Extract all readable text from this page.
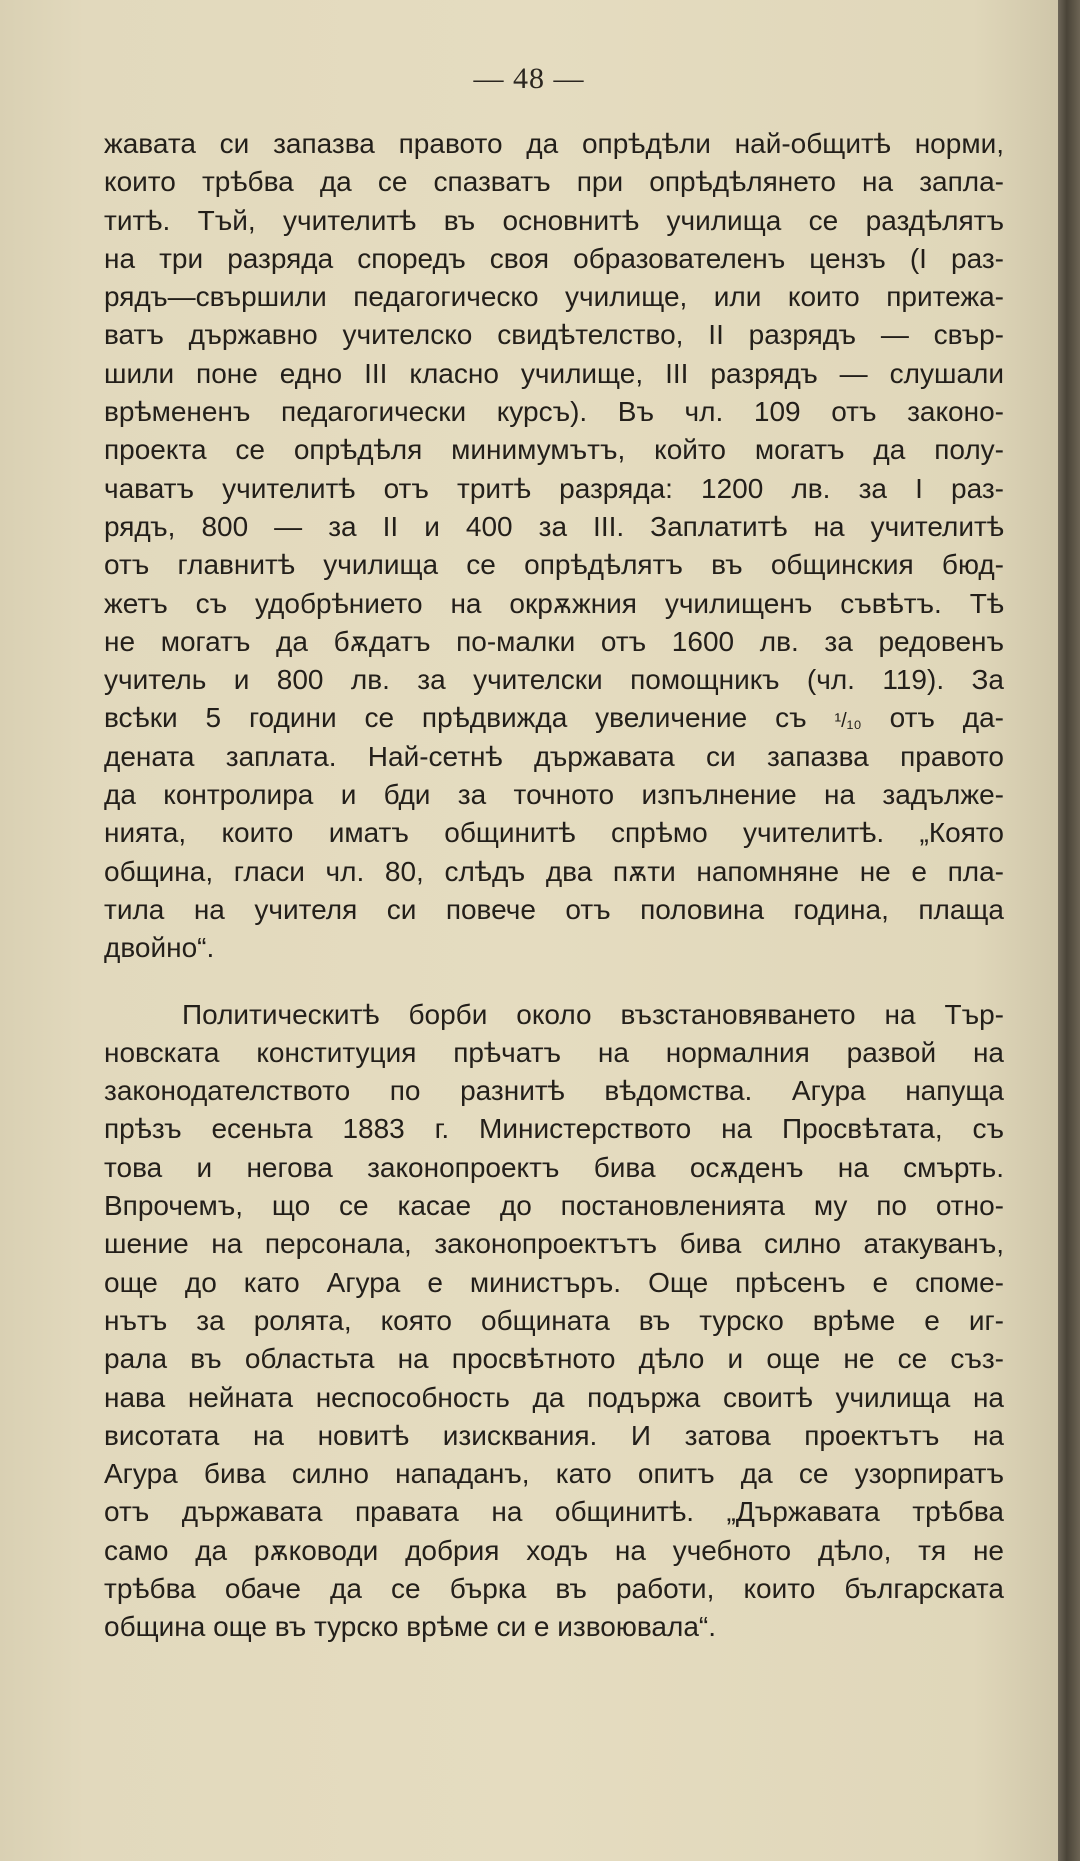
— 48 —
жавата си запазва правото да опрѣдѣли най-общитѣ норми,
които трѣбва да се спазватъ при опрѣдѣлянето на запла-
титѣ. Тъй, учителитѣ въ основнитѣ училища се раздѣлятъ
на три разряда споредъ своя образователенъ цензъ (I раз-
рядъ—свършили педагогическо училище, или които притежа-
ватъ държавно учителско свидѣтелство, II разрядъ — свър-
шили поне едно III класно училище, III разрядъ — слушали
врѣмененъ педагогически курсъ). Въ чл. 109 отъ законо-
проекта се опрѣдѣля минимумътъ, който могатъ да полу-
чаватъ учителитѣ отъ тритѣ разряда: 1200 лв. за I раз-
рядъ, 800 — за II и 400 за III. Заплатитѣ на учителитѣ
отъ главнитѣ училища се опрѣдѣлятъ въ общинския бюд-
жетъ съ удобрѣнието на окрѫжния училищенъ съвѣтъ. Тѣ
не могатъ да бѫдатъ по-малки отъ 1600 лв. за редовенъ
учитель и 800 лв. за учителски помощникъ (чл. 119). За
всѣки 5 години се прѣдвижда увеличение съ ¹/₁₀ отъ да-
дената заплата. Най-сетнѣ държавата си запазва правото
да контролира и бди за точното изпълнение на задълже-
нията, които иматъ общинитѣ спрѣмо учителитѣ. „Която
община, гласи чл. 80, слѣдъ два пѫти напомняне не е пла-
тила на учителя си повече отъ половина година, плаща
двойно“.
Политическитѣ борби около възстановяването на Тър-
новската конституция прѣчатъ на нормалния развой на
законодателството по разнитѣ вѣдомства. Агура напуща
прѣзъ есеньта 1883 г. Министерството на Просвѣтата, съ
това и негова законопроектъ бива осѫденъ на смърть.
Впрочемъ, що се касае до постановленията му по отно-
шение на персонала, законопроектътъ бива силно атакуванъ,
още до като Агура е министъръ. Още прѣсенъ е споме-
нътъ за ролята, която общината въ турско врѣме е иг-
рала въ областьта на просвѣтното дѣло и още не се съз-
нава нейната неспособность да подържа своитѣ училища на
висотата на новитѣ изисквания. И затова проектътъ на
Агура бива силно нападанъ, като опитъ да се узорпиратъ
отъ държавата правата на общинитѣ. „Държавата трѣбва
само да рѫководи добрия ходъ на учебното дѣло, тя не
трѣбва обаче да се бърка въ работи, които българската
община още въ турско врѣме си е извоювала“.
